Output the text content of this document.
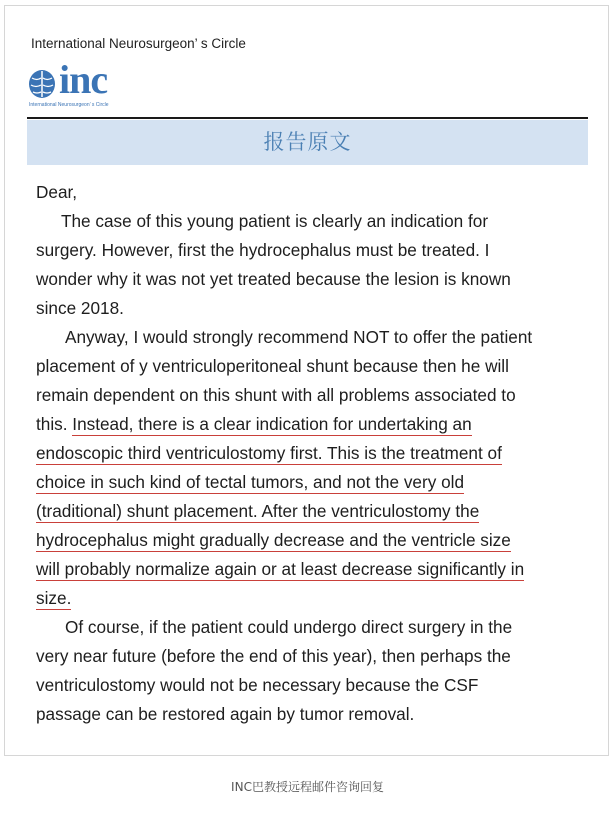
International Neurosurgeon’ s Circle
inc
International Neurosurgeon’ s Circle
报告原文
Dear,
The case of this young patient is clearly an indication for
surgery. However, first the hydrocephalus must be treated. I
wonder why it was not yet treated because the lesion is known
since 2018.
Anyway, I would strongly recommend NOT to offer the patient
placement of y ventriculoperitoneal shunt because then he will
remain dependent on this shunt with all problems associated to
this. Instead, there is a clear indication for undertaking an
endoscopic third ventriculostomy first. This is the treatment of
choice in such kind of tectal tumors, and not the very old
(traditional) shunt placement. After the ventriculostomy the
hydrocephalus might gradually decrease and the ventricle size
will probably normalize again or at least decrease significantly in
size.
Of course, if the patient could undergo direct surgery in the
very near future (before the end of this year), then perhaps the
ventriculostomy would not be necessary because the CSF
passage can be restored again by tumor removal.
INC巴教授远程邮件咨询回复
